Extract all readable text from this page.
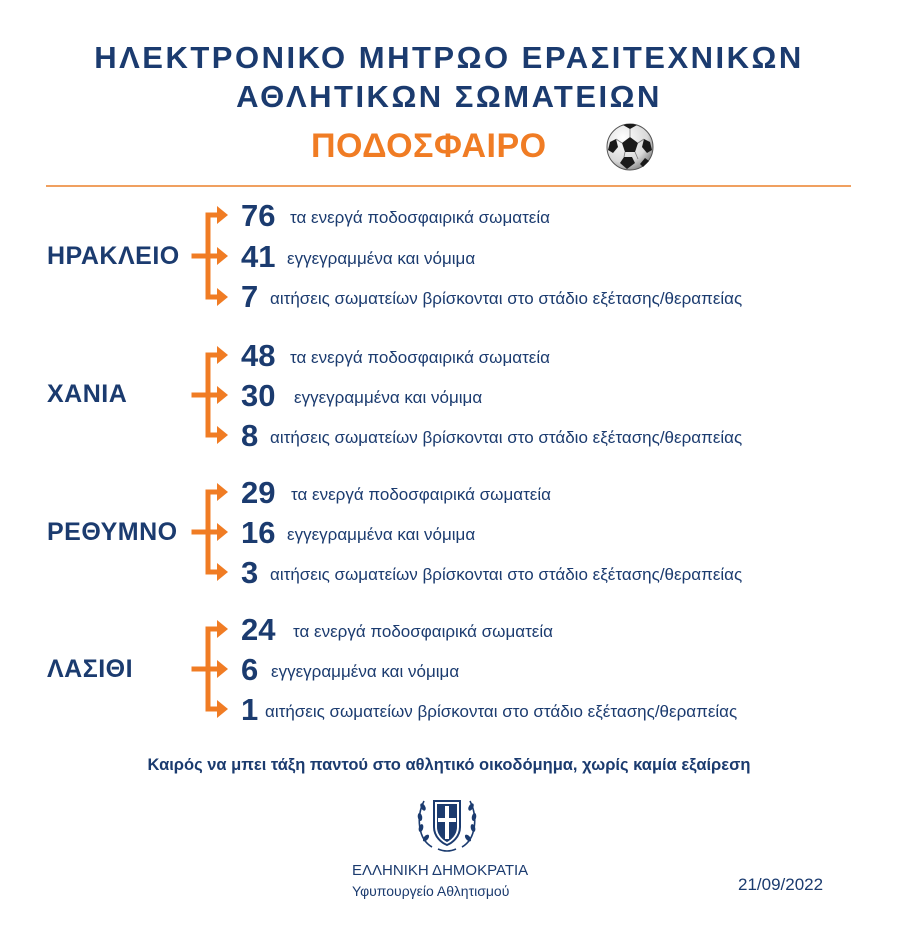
ΗΛΕΚΤΡΟΝΙΚΟ ΜΗΤΡΩΟ ΕΡΑΣΙΤΕΧΝΙΚΩΝ
ΑΘΛΗΤΙΚΩΝ ΣΩΜΑΤΕΙΩΝ
ΠΟΔΟΣΦΑΙΡΟ
ΗΡΑΚΛΕΙΟ
76 τα ενεργά ποδοσφαιρικά σωματεία
41 εγγεγραμμένα και νόμιμα
7 αιτήσεις σωματείων βρίσκονται στο στάδιο εξέτασης/θεραπείας
ΧΑΝΙΑ
48 τα ενεργά ποδοσφαιρικά σωματεία
30 εγγεγραμμένα και νόμιμα
8 αιτήσεις σωματείων βρίσκονται στο στάδιο εξέτασης/θεραπείας
ΡΕΘΥΜΝΟ
29 τα ενεργά ποδοσφαιρικά σωματεία
16 εγγεγραμμένα και νόμιμα
3 αιτήσεις σωματείων βρίσκονται στο στάδιο εξέτασης/θεραπείας
ΛΑΣΙΘΙ
24 τα ενεργά ποδοσφαιρικά σωματεία
6 εγγεγραμμένα και νόμιμα
1 αιτήσεις σωματείων βρίσκονται στο στάδιο εξέτασης/θεραπείας
Καιρός να μπει τάξη παντού στο αθλητικό οικοδόμημα, χωρίς καμία εξαίρεση
ΕΛΛΗΝΙΚΗ ΔΗΜΟΚΡΑΤΙΑ
Υφυπουργείο Αθλητισμού	21/09/2022
